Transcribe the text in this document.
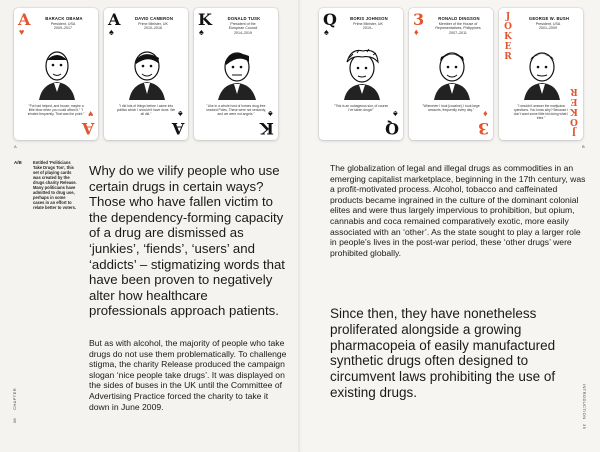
A
♥
BARACK OBAMA
President, USA
2009–2017
"Pot had helped, and booze; maybe a little blow when you could afford it." "I inhaled frequently. That was the point." ♥
A
A
♠
DAVID CAMERON
Prime Minister, UK
2010–2016
"I did lots of things before I came into politics which I shouldn't have done. We all did."	♠
A
K
♠
DONALD TUSK
President of the
European Council
2014–2019
"Like in a whole host of homes drug-free smoked Poles. These were not seriously, and we were not angels."	♠
K
Q
♠
BORIS JOHNSON
Prime Minister, UK
2019–
"This is an outrageous slur, of course I've taken drugs!"	♠
Q
3
♦
RONALD DINGSON
Member of the House of
Representatives, Philippines
2007–2011
"Whenever I took [cocaine], I took large amounts, frequently every day."	♦
3
J
O
K
E
R
GEORGE W. BUSH
President, USA
2001–2009
"I wouldn't answer the marijuana questions. You know why? Because I don't want some little kid doing what I tried."
J
O
K
E
R
A	B
A/B	Entitled 'Politicians Take Drugs Too', this set of playing cards was created by the drugs charity Release. Many politicians have admitted to drug use, perhaps in some cases in an effort to relate better to voters.
Why do we vilify people who use certain drugs in certain ways? Those who have fallen victim to the dependency-forming capacity of a drug are dismissed as ‘junkies’, ‘fiends’, ‘users’ and ‘addicts’ – stigmatizing words that have been proven to negatively alter how healthcare professionals approach patients.
But as with alcohol, the majority of people who take drugs do not use them problematically. To challenge stigma, the charity Release produced the campaign slogan ‘nice people take drugs’. It was displayed on the sides of buses in the UK until the Committee of Advertising Practice forced the charity to take it down in June 2009.
38
CHAPTER
The globalization of legal and illegal drugs as commodities in an emerging capitalist marketplace, beginning in the 17th century, was a profit-motivated process. Alcohol, tobacco and caffeinated products became ingrained in the culture of the dominant colonial elites and were thus largely impervious to prohibition, but opium, cannabis and coca remained comparatively exotic, more easily associated with an ‘other’. As the state sought to play a larger role in people’s lives in the post-war period, these ‘other drugs’ were prohibited globally.
Since then, they have nonetheless proliferated alongside a growing pharmacopeia of easily manufactured synthetic drugs often designed to circumvent laws prohibiting the use of existing drugs.	INTRODUCTION
39
